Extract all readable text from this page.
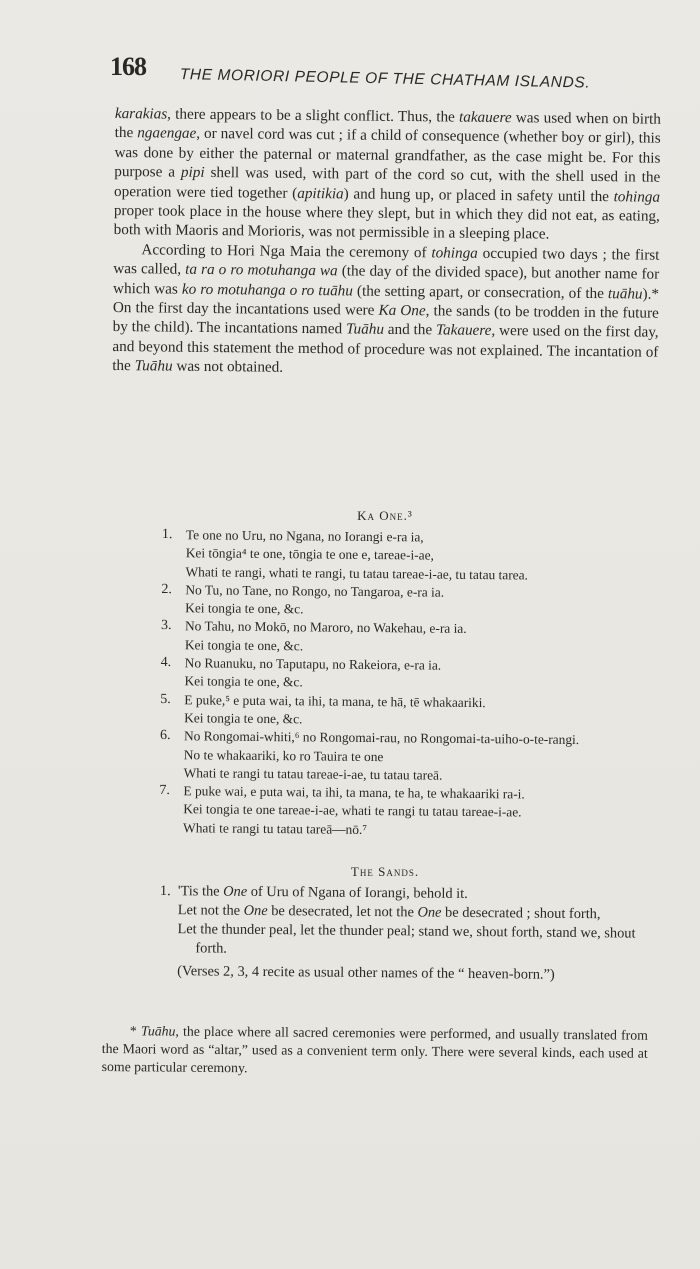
168 THE MORIORI PEOPLE OF THE CHATHAM ISLANDS.

karakias, there appears to be a slight conflict. Thus, the takauere was used when on birth the ngaengae, or navel cord was cut ; if a child of consequence (whether boy or girl), this was done by either the paternal or maternal grandfather, as the case might be. For this purpose a pipi shell was used, with part of the cord so cut, with the shell used in the operation were tied together (apitikia) and hung up, or placed in safety until the tohinga proper took place in the house where they slept, but in which they did not eat, as eating, both with Maoris and Morioris, was not permissible in a sleeping place.

According to Hori Nga Maia the ceremony of tohinga occupied two days ; the first was called, ta ra o ro motuhanga wa (the day of the divided space), but another name for which was ko ro motuhanga o ro tuāhu (the setting apart, or consecration, of the tuāhu).* On the first day the incantations used were Ka One, the sands (to be trodden in the future by the child). The incantations named Tuāhu and the Takauere, were used on the first day, and beyond this statement the method of procedure was not explained. The incantation of the Tuāhu was not obtained.

Ka One.³
1. Te one no Uru, no Ngana, no Iorangi e-ra ia,
Kei tōngia⁴ te one, tōngia te one e, tareae-i-ae,
Whati te rangi, whati te rangi, tu tatau tareae-i-ae, tu tatau tarea.
2. No Tu, no Tane, no Rongo, no Tangaroa, e-ra ia.
Kei tongia te one, &c.
3. No Tahu, no Mokō, no Maroro, no Wakehau, e-ra ia.
Kei tongia te one, &c.
4. No Ruanuku, no Taputapu, no Rakeiora, e-ra ia.
Kei tongia te one, &c.
5. E puke,⁵ e puta wai, ta ihi, ta mana, te hā, tē whakaariki.
Kei tongia te one, &c.
6. No Rongomai-whiti,⁶ no Rongomai-rau, no Rongomai-ta-uiho-o-te-rangi.
No te whakaariki, ko ro Tauira te one
Whati te rangi tu tatau tareae-i-ae, tu tatau tareā.
7. E puke wai, e puta wai, ta ihi, ta mana, te ha, te whakaariki ra-i.
Kei tongia te one tareae-i-ae, whati te rangi tu tatau tareae-i-ae.
Whati te rangi tu tatau tareā—nō.⁷
The Sands.
1. 'Tis the One of Uru of Ngana of Iorangi, behold it.
Let not the One be desecrated, let not the One be desecrated ; shout forth,
Let the thunder peal, let the thunder peal; stand we, shout forth, stand we, shout forth.
(Verses 2, 3, 4 recite as usual other names of the “ heaven-born.”)

* Tuāhu, the place where all sacred ceremonies were performed, and usually translated from the Maori word as “altar,” used as a convenient term only. There were several kinds, each used at some particular ceremony.
